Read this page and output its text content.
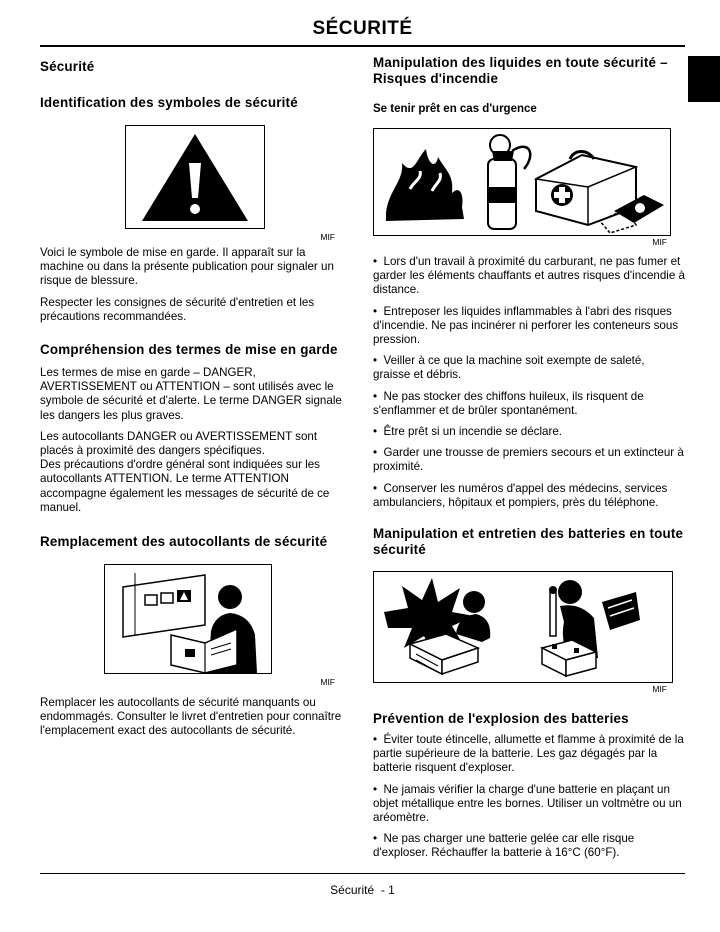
SÉCURITÉ
Sécurité
Identification des symboles de sécurité
MIF

Voici le symbole de mise en garde. Il apparaît sur la machine ou dans la présente publication pour signaler un risque de blessure.

Respecter les consignes de sécurité d'entretien et les précautions recommandées.

Compréhension des termes de mise en garde

Les termes de mise en garde – DANGER, AVERTISSEMENT ou ATTENTION – sont utilisés avec le symbole de sécurité et d'alerte. Le terme DANGER signale les dangers les plus graves.

Les autocollants DANGER ou AVERTISSEMENT sont placés à proximité des dangers spécifiques.

Des précautions d'ordre général sont indiquées sur les autocollants ATTENTION. Le terme ATTENTION accompagne également les messages de sécurité de ce manuel.

Remplacement des autocollants de sécurité
MIF

Remplacer les autocollants de sécurité manquants ou endommagés. Consulter le livret d'entretien pour connaître l'emplacement exact des autocollants de sécurité.

Manipulation des liquides en toute sécurité – Risques d'incendie
Se tenir prêt en cas d'urgence
MIF

•  Lors d'un travail à proximité du carburant, ne pas fumer et garder les éléments chauffants et autres risques d'incendie à distance.

•  Entreposer les liquides inflammables à l'abri des risques d'incendie. Ne pas incinérer ni perforer les conteneurs sous pression.

•  Veiller à ce que la machine soit exempte de saleté, graisse et débris.

•  Ne pas stocker des chiffons huileux, ils risquent de s'enflammer et de brûler spontanément.

•  Être prêt si un incendie se déclare.

•  Garder une trousse de premiers secours et un extincteur à proximité.

•  Conserver les numéros d'appel des médecins, services ambulanciers, hôpitaux et pompiers, près du téléphone.

Manipulation et entretien des batteries en toute sécurité
MIF
Prévention de l'explosion des batteries

•  Éviter toute étincelle, allumette et flamme à proximité de la partie supérieure de la batterie. Les gaz dégagés par la batterie risquent d'exploser.

•  Ne jamais vérifier la charge d'une batterie en plaçant un objet métallique entre les bornes. Utiliser un voltmètre ou un aréomètre.

•  Ne pas charger une batterie gelée car elle risque d'exploser. Réchauffer la batterie à 16°C (60°F).

Sécurité  - 1
